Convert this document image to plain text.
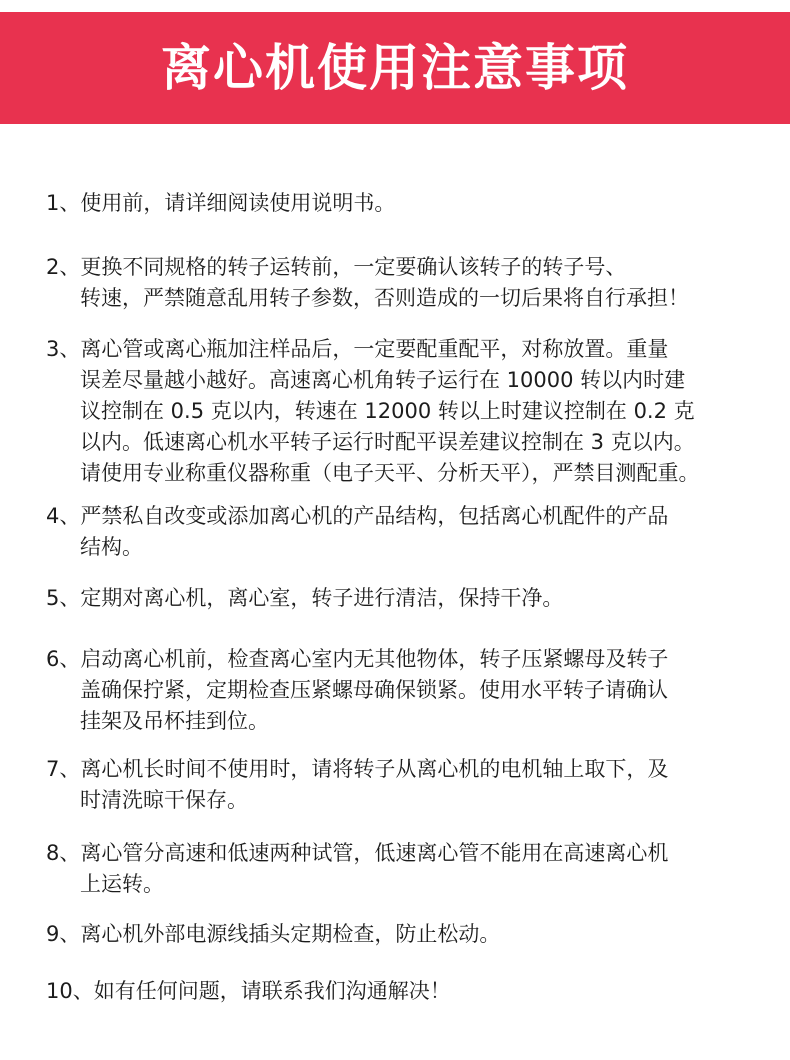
离心机使用注意事项
1、使用前，请详细阅读使用说明书。
2、更换不同规格的转子运转前，一定要确认该转子的转子号、
转速，严禁随意乱用转子参数，否则造成的一切后果将自行承担！
3、离心管或离心瓶加注样品后，一定要配重配平，对称放置。重量
误差尽量越小越好。高速离心机角转子运行在 10000 转以内时建
议控制在 0.5 克以内，转速在 12000 转以上时建议控制在 0.2 克
以内。低速离心机水平转子运行时配平误差建议控制在 3 克以内。
请使用专业称重仪器称重（电子天平、分析天平），严禁目测配重。
4、严禁私自改变或添加离心机的产品结构，包括离心机配件的产品
结构。
5、定期对离心机，离心室，转子进行清洁，保持干净。
6、启动离心机前，检查离心室内无其他物体，转子压紧螺母及转子
盖确保拧紧，定期检查压紧螺母确保锁紧。使用水平转子请确认
挂架及吊杯挂到位。
7、离心机长时间不使用时，请将转子从离心机的电机轴上取下，及
时清洗晾干保存。
8、离心管分高速和低速两种试管，低速离心管不能用在高速离心机
上运转。
9、离心机外部电源线插头定期检查，防止松动。
10、如有任何问题，请联系我们沟通解决！
